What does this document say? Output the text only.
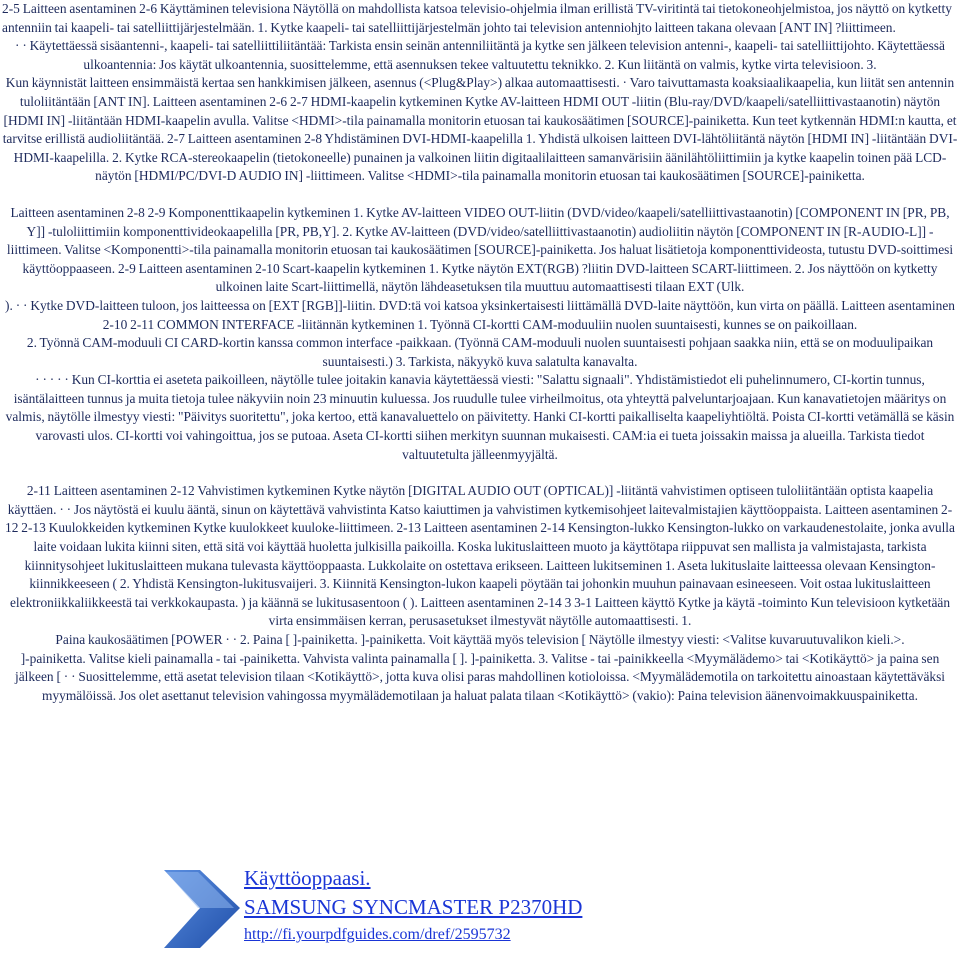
2-5 Laitteen asentaminen 2-6 Käyttäminen televisiona Näytöllä on mahdollista katsoa televisio-ohjelmia ilman erillistä TV-viritintä tai tietokoneohjelmistoa, jos näyttö on kytketty antenniin tai kaapeli- tai satelliittijärjestelmään. 1. Kytke kaapeli- tai satelliittijärjestelmän johto tai television antenniohjto laitteen takana olevaan [ANT IN] ?liittimeen.

· · Käytettäessä sisäantenni-, kaapeli- tai satelliittiliitäntää: Tarkista ensin seinän antenniliitäntä ja kytke sen jälkeen television antenni-, kaapeli- tai satelliittijohto. Käytettäessä ulkoantennia: Jos käytät ulkoantennia, suosittelemme, että asennuksen tekee valtuutettu teknikko. 2. Kun liitäntä on valmis, kytke virta televisioon. 3.

Kun käynnistät laitteen ensimmäistä kertaa sen hankkimisen jälkeen, asennus (<Plug&Play>) alkaa automaattisesti. · Varo taivuttamasta koaksiaalikaapelia, kun liität sen antennin tuloliitäntään [ANT IN]. Laitteen asentaminen 2-6 2-7 HDMI-kaapelin kytkeminen Kytke AV-laitteen HDMI OUT -liitin (Blu-ray/DVD/kaapeli/satelliittivastaanotin) näytön [HDMI IN] -liitäntään HDMI-kaapelin avulla. Valitse <HDMI>-tila painamalla monitorin etuosan tai kaukosäätimen [SOURCE]-painiketta. Kun teet kytkennän HDMI:n kautta, et tarvitse erillistä audioliitäntää. 2-7 Laitteen asentaminen 2-8 Yhdistäminen DVI-HDMI-kaapelilla 1. Yhdistä ulkoisen laitteen DVI-lähtöliitäntä näytön [HDMI IN] -liitäntään DVI-HDMI-kaapelilla. 2. Kytke RCA-stereokaapelin (tietokoneelle) punainen ja valkoinen liitin digitaalilaitteen samanvärisiin äänilähtöliittimiin ja kytke kaapelin toinen pää LCD-näytön [HDMI/PC/DVI-D AUDIO IN] -liittimeen. Valitse <HDMI>-tila painamalla monitorin etuosan tai kaukosäätimen [SOURCE]-painiketta.

Laitteen asentaminen 2-8 2-9 Komponenttikaapelin kytkeminen 1. Kytke AV-laitteen VIDEO OUT-liitin (DVD/video/kaapeli/satelliittivastaanotin) [COMPONENT IN [PR, PB, Y]] -tuloliittimiin komponenttivideokaapelilla [PR, PB,Y]. 2. Kytke AV-laitteen (DVD/video/satelliittivastaanotin) audioliitin näytön [COMPONENT IN [R-AUDIO-L]] -liittimeen. Valitse <Komponentti>-tila painamalla monitorin etuosan tai kaukosäätimen [SOURCE]-painiketta. Jos haluat lisätietoja komponenttivideosta, tutustu DVD-soittimesi käyttöoppaaseen. 2-9 Laitteen asentaminen 2-10 Scart-kaapelin kytkeminen 1. Kytke näytön EXT(RGB) ?liitin DVD-laitteen SCART-liittimeen. 2. Jos näyttöön on kytketty ulkoinen laite Scart-liittimellä, näytön lähdeasetuksen tila muuttuu automaattisesti tilaan EXT (Ulk.

). · · Kytke DVD-laitteen tuloon, jos laitteessa on [EXT [RGB]]-liitin. DVD:tä voi katsoa yksinkertaisesti liittämällä DVD-laite näyttöön, kun virta on päällä. Laitteen asentaminen 2-10 2-11 COMMON INTERFACE -liitännän kytkeminen 1. Työnnä CI-kortti CAM-moduuliin nuolen suuntaisesti, kunnes se on paikoillaan.

2. Työnnä CAM-moduuli CI CARD-kortin kanssa common interface -paikkaan. (Työnnä CAM-moduuli nuolen suuntaisesti pohjaan saakka niin, että se on moduulipaikan suuntaisesti.) 3. Tarkista, näkyykö kuva salatulta kanavalta.

· · · · · Kun CI-korttia ei aseteta paikoilleen, näytölle tulee joitakin kanavia käytettäessä viesti: "Salattu signaali". Yhdistämistiedot eli puhelinnumero, CI-kortin tunnus, isäntälaitteen tunnus ja muita tietoja tulee näkyviin noin 23 minuutin kuluessa. Jos ruudulle tulee virheilmoitus, ota yhteyttä palveluntarjoajaan. Kun kanavatietojen määritys on valmis, näytölle ilmestyy viesti: "Päivitys suoritettu", joka kertoo, että kanavaluettelo on päivitetty. Hanki CI-kortti paikalliselta kaapeliyhtiöltä. Poista CI-kortti vetämällä se käsin varovasti ulos. CI-kortti voi vahingoittua, jos se putoaa. Aseta CI-kortti siihen merkityn suunnan mukaisesti. CAM:ia ei tueta joissakin maissa ja alueilla. Tarkista tiedot valtuutetulta jälleenmyyjältä.

2-11 Laitteen asentaminen 2-12 Vahvistimen kytkeminen Kytke näytön [DIGITAL AUDIO OUT (OPTICAL)] -liitäntä vahvistimen optiseen tuloliitäntään optista kaapelia käyttäen. · · Jos näytöstä ei kuulu ääntä, sinun on käytettävä vahvistinta Katso kaiuttimen ja vahvistimen kytkemisohjeet laitevalmistajien käyttöoppaista. Laitteen asentaminen 2-12 2-13 Kuulokkeiden kytkeminen Kytke kuulokkeet kuuloke-liittimeen. 2-13 Laitteen asentaminen 2-14 Kensington-lukko Kensington-lukko on varkaudenestolaite, jonka avulla laite voidaan lukita kiinni siten, että sitä voi käyttää huoletta julkisilla paikoilla. Koska lukituslaitteen muoto ja käyttötapa riippuvat sen mallista ja valmistajasta, tarkista kiinnitysohjeet lukituslaitteen mukana tulevasta käyttöoppaasta. Lukkolaite on ostettava erikseen. Laitteen lukitseminen 1. Aseta lukituslaite laitteessa olevaan Kensington-kiinnikkeeseen ( 2. Yhdistä Kensington-lukitusvaijeri. 3. Kiinnitä Kensington-lukon kaapeli pöytään tai johonkin muuhun painavaan esineeseen. Voit ostaa lukituslaitteen elektroniikkaliikkeestä tai verkkokaupasta. ) ja käännä se lukitusasentoon ( ). Laitteen asentaminen 2-14 3 3-1 Laitteen käyttö Kytke ja käytä -toiminto Kun televisioon kytketään virta ensimmäisen kerran, perusasetukset ilmestyvät näytölle automaattisesti. 1.

Paina kaukosäätimen [POWER · · 2. Paina [ ]-painiketta. ]-painiketta. Voit käyttää myös television [ Näytölle ilmestyy viesti: <Valitse kuvaruutuvalikon kieli.>.

]-painiketta. Valitse kieli painamalla - tai -painiketta. Vahvista valinta painamalla [ ]. ]-painiketta. 3. Valitse - tai -painikkeella <Myymälädemo> tai <Kotikäyttö> ja paina sen jälkeen [ · · Suosittelemme, että asetat television tilaan <Kotikäyttö>, jotta kuva olisi paras mahdollinen kotioloissa. <Myymälädemotila on tarkoitettu ainoastaan käytettäväksi myymälöissä. Jos olet asettanut television vahingossa myymälädemotilaan ja haluat palata tilaan <Kotikäyttö> (vakio): Paina television äänenvoimakkuuspainiketta.

Käyttöoppaasi.
SAMSUNG SYNCMASTER P2370HD
http://fi.yourpdfguides.com/dref/2595732
